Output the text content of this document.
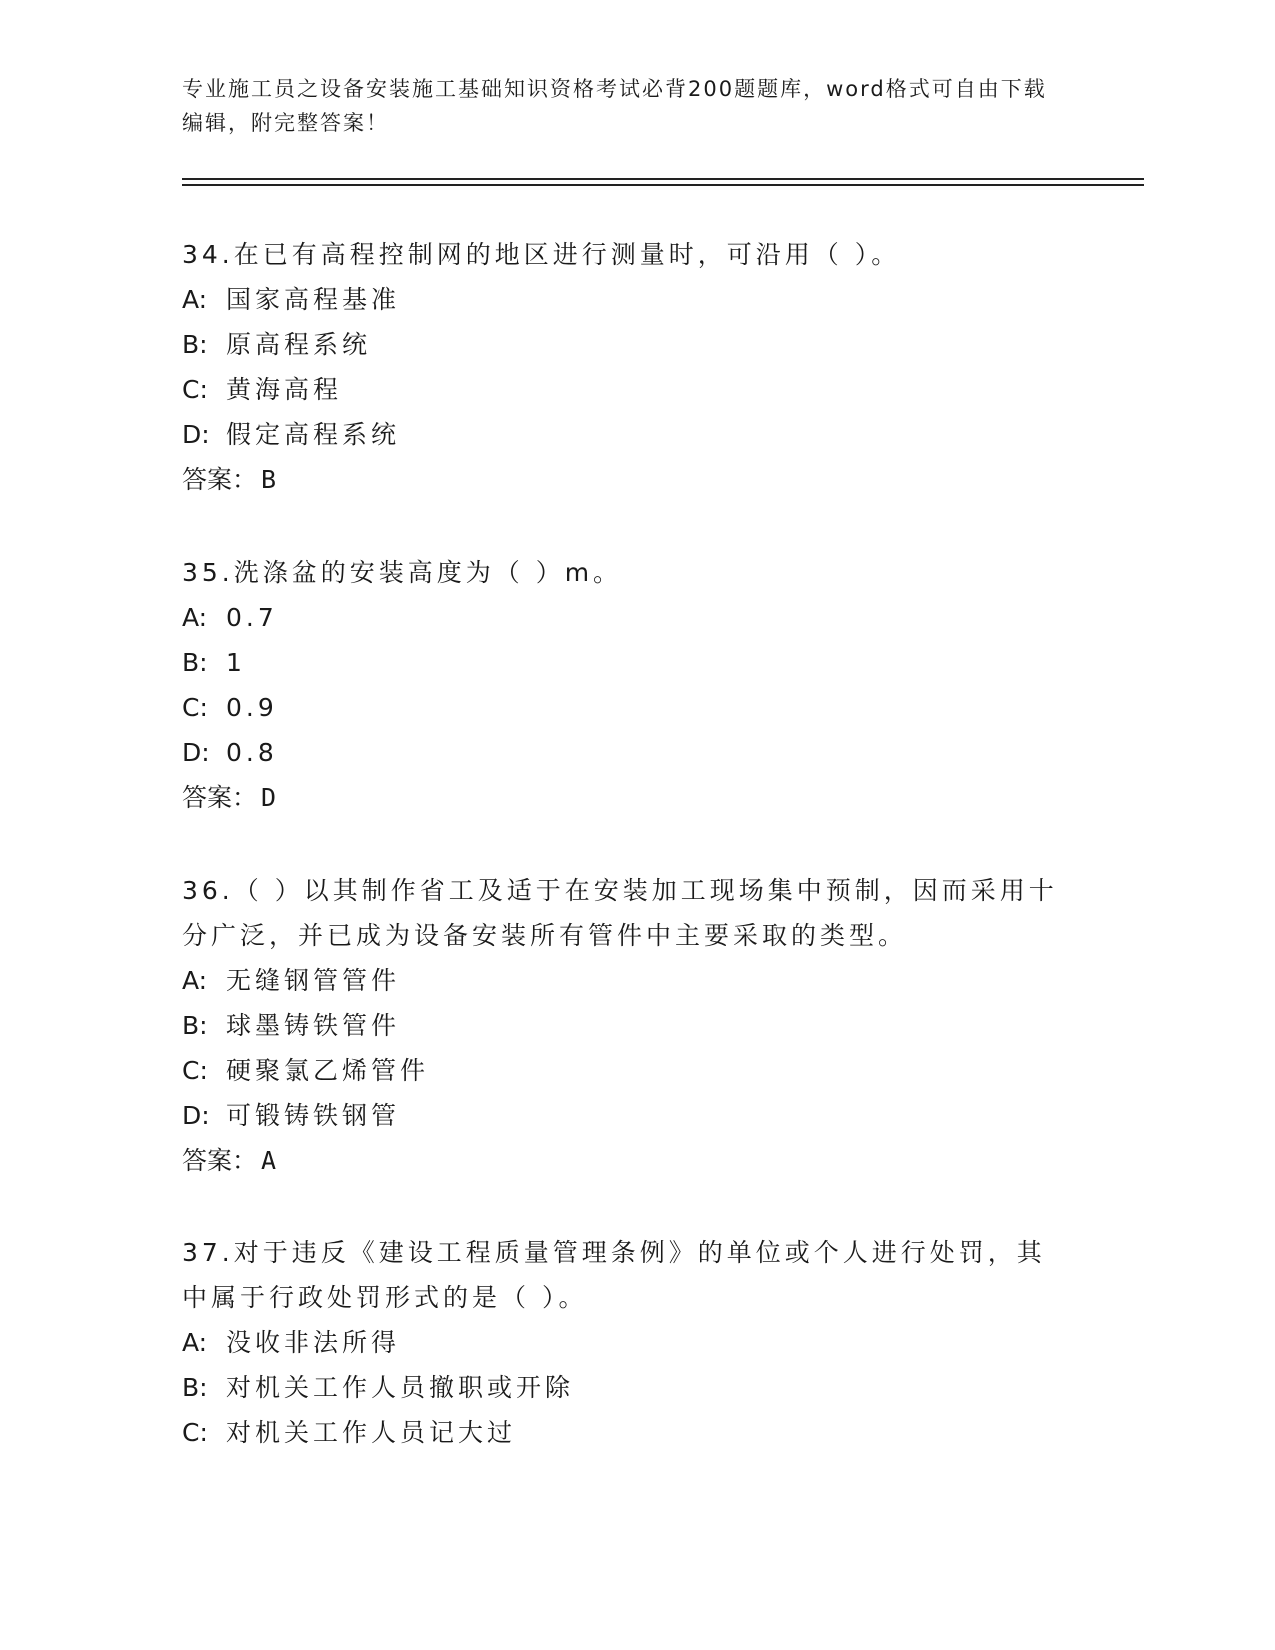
专业施工员之设备安装施工基础知识资格考试必背200题题库，word格式可自由下载编辑，附完整答案！

34.在已有高程控制网的地区进行测量时，可沿用（ ）。

A: 国家高程基准
B: 原高程系统
C: 黄海高程
D: 假定高程系统
答案： B

35.洗涤盆的安装高度为（ ）m。

A: 0.7
B: 1
C: 0.9
D: 0.8
答案： D

36.（ ）以其制作省工及适于在安装加工现场集中预制，因而采用十分广泛，并已成为设备安装所有管件中主要采取的类型。

A: 无缝钢管管件
B: 球墨铸铁管件
C: 硬聚氯乙烯管件
D: 可锻铸铁钢管
答案： A

37.对于违反《建设工程质量管理条例》的单位或个人进行处罚，其中属于行政处罚形式的是（ ）。

A: 没收非法所得
B: 对机关工作人员撤职或开除
C: 对机关工作人员记大过
